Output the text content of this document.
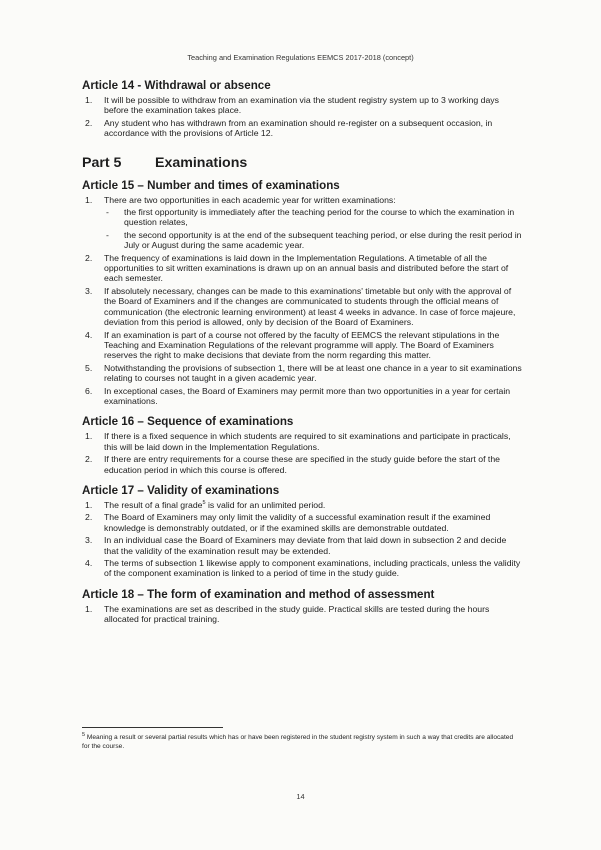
Teaching and Examination Regulations EEMCS 2017-2018 (concept)
Article 14 - Withdrawal or absence
1. It will be possible to withdraw from an examination via the student registry system up to 3 working days before the examination takes place.
2. Any student who has withdrawn from an examination should re-register on a subsequent occasion, in accordance with the provisions of Article 12.
Part 5 Examinations
Article 15 – Number and times of examinations
1. There are two opportunities in each academic year for written examinations:
- the first opportunity is immediately after the teaching period for the course to which the examination in question relates,
- the second opportunity is at the end of the subsequent teaching period, or else during the resit period in July or August during the same academic year.
2. The frequency of examinations is laid down in the Implementation Regulations. A timetable of all the opportunities to sit written examinations is drawn up on an annual basis and distributed before the start of each semester.
3. If absolutely necessary, changes can be made to this examinations' timetable but only with the approval of the Board of Examiners and if the changes are communicated to students through the official means of communication (the electronic learning environment) at least 4 weeks in advance. In case of force majeure, deviation from this period is allowed, only by decision of the Board of Examiners.
4. If an examination is part of a course not offered by the faculty of EEMCS the relevant stipulations in the Teaching and Examination Regulations of the relevant programme will apply. The Board of Examiners reserves the right to make decisions that deviate from the norm regarding this matter.
5. Notwithstanding the provisions of subsection 1, there will be at least one chance in a year to sit examinations relating to courses not taught in a given academic year.
6. In exceptional cases, the Board of Examiners may permit more than two opportunities in a year for certain examinations.
Article 16 – Sequence of examinations
1. If there is a fixed sequence in which students are required to sit examinations and participate in practicals, this will be laid down in the Implementation Regulations.
2. If there are entry requirements for a course these are specified in the study guide before the start of the education period in which this course is offered.
Article 17 – Validity of examinations
1. The result of a final grade$^5$ is valid for an unlimited period.
2. The Board of Examiners may only limit the validity of a successful examination result if the examined knowledge is demonstrably outdated, or if the examined skills are demonstrable outdated.
3. In an individual case the Board of Examiners may deviate from that laid down in subsection 2 and decide that the validity of the examination result may be extended.
4. The terms of subsection 1 likewise apply to component examinations, including practicals, unless the validity of the component examination is linked to a period of time in the study guide.
Article 18 – The form of examination and method of assessment
1. The examinations are set as described in the study guide. Practical skills are tested during the hours allocated for practical training.
$^5$ Meaning a result or several partial results which has or have been registered in the student registry system in such a way that credits are allocated for the course.
14
